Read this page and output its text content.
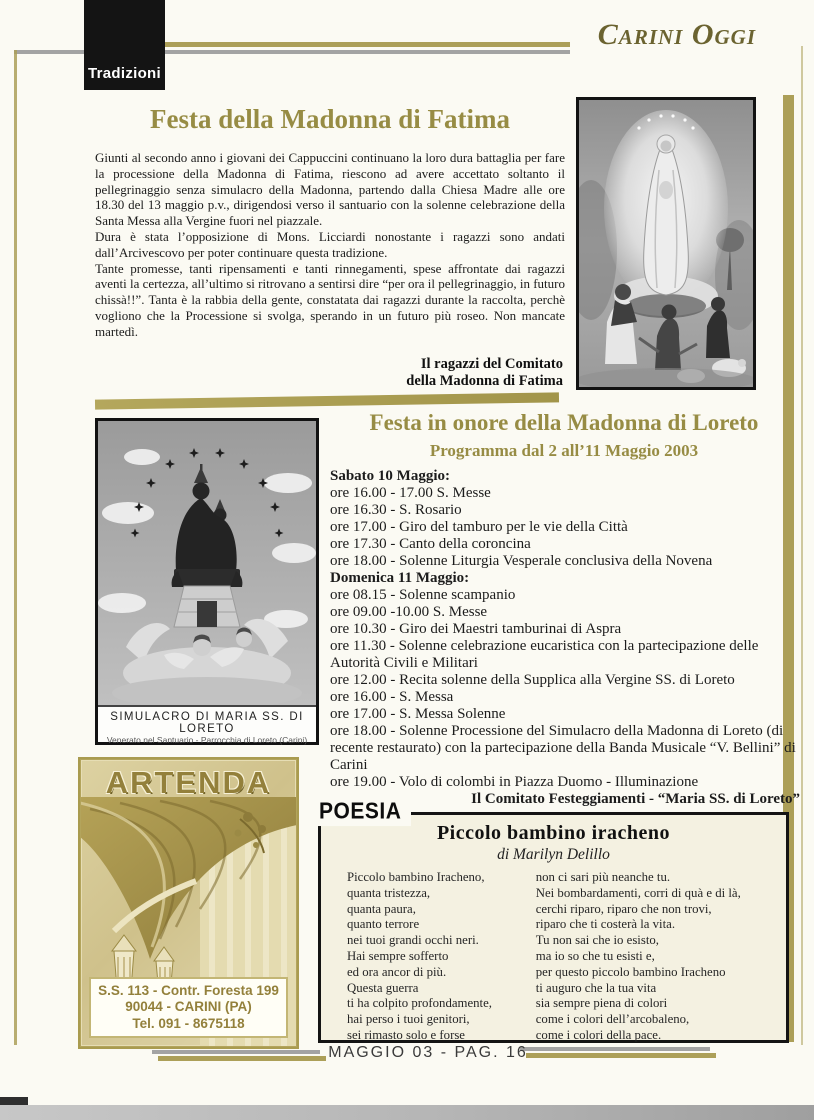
Tradizioni
Carini Oggi
Festa della Madonna di Fatima

Giunti al secondo anno i giovani dei Cappuccini continuano la loro dura battaglia per fare la processione della Madonna di Fatima, riescono ad avere accettato soltanto il pellegrinaggio senza simulacro della Madonna, partendo dalla Chiesa Madre alle ore 18.30 del 13 maggio p.v., dirigendosi verso il santuario con la solenne celebrazione della Santa Messa alla Vergine fuori nel piazzale.

Dura è stata l’opposizione di Mons. Licciardi nonostante i ragazzi sono andati dall’Arcivescovo per poter continuare questa tradizione.

Tante promesse, tanti ripensamenti e tanti rinnegamenti, spese affrontate dai ragazzi aventi la certezza, all’ultimo si ritrovano a sentirsi dire “per ora il pellegrinaggio, in futuro chissà!!”. Tanta è la rabbia della gente, constatata dai ragazzi durante la raccolta, perchè vogliono che la Processione si svolga, sperando in un futuro più roseo. Non mancate martedì.

Il ragazzi del Comitato
della Madonna di Fatima
Festa in onore della Madonna di Loreto
Programma dal 2 all’11 Maggio 2003
Sabato 10 Maggio:
ore 16.00 - 17.00 S. Messe
ore 16.30 - S. Rosario
ore 17.00 - Giro del tamburo per le vie della Città
ore 17.30 - Canto della coroncina
ore 18.00 - Solenne Liturgia Vesperale conclusiva della Novena
Domenica 11 Maggio:
ore 08.15 - Solenne scampanio
ore 09.00 -10.00 S. Messe
ore 10.30 - Giro dei Maestri tamburinai di Aspra
ore 11.30 - Solenne celebrazione eucaristica con la partecipazione delle Autorità Civili e Militari
ore 12.00 - Recita solenne della Supplica alla Vergine SS. di Loreto
ore 16.00 - S. Messa
ore 17.00 - S. Messa Solenne
ore 18.00 - Solenne Processione del Simulacro della Madonna di Loreto (di recente restaurato) con la partecipazione della Banda Musicale “V. Bellini” di Carini
ore 19.00 - Volo di colombi in Piazza Duomo - Illuminazione
Il Comitato Festeggiamenti - “Maria SS. di Loreto”
SIMULACRO DI MARIA SS. DI LORETO
Venerato nel Santuario - Parrocchia di Loreto (Carini)
ARTENDA
S.S. 113 - Contr. Foresta 199
90044 - CARINI (PA)
Tel. 091 - 8675118
Piccolo bambino iracheno
di Marilyn Delillo
Piccolo bambino Iracheno,
quanta tristezza,
quanta paura,
quanto terrore
nei tuoi grandi occhi neri.
Hai sempre sofferto
ed ora ancor di più.
Questa guerra
ti ha colpito profondamente,
hai perso i tuoi genitori,
sei rimasto solo e forse
non ci sari più neanche tu.
Nei bombardamenti, corri di quà e di là,
cerchi riparo, riparo che non trovi,
riparo che ti costerà la vita.
Tu non sai che io esisto,
ma io so che tu esisti e,
per questo piccolo bambino Iracheno
ti auguro che la tua vita
sia sempre piena di colori
come i colori dell’arcobaleno,
come i colori della pace.
POESIA
MAGGIO 03 - PAG. 16
